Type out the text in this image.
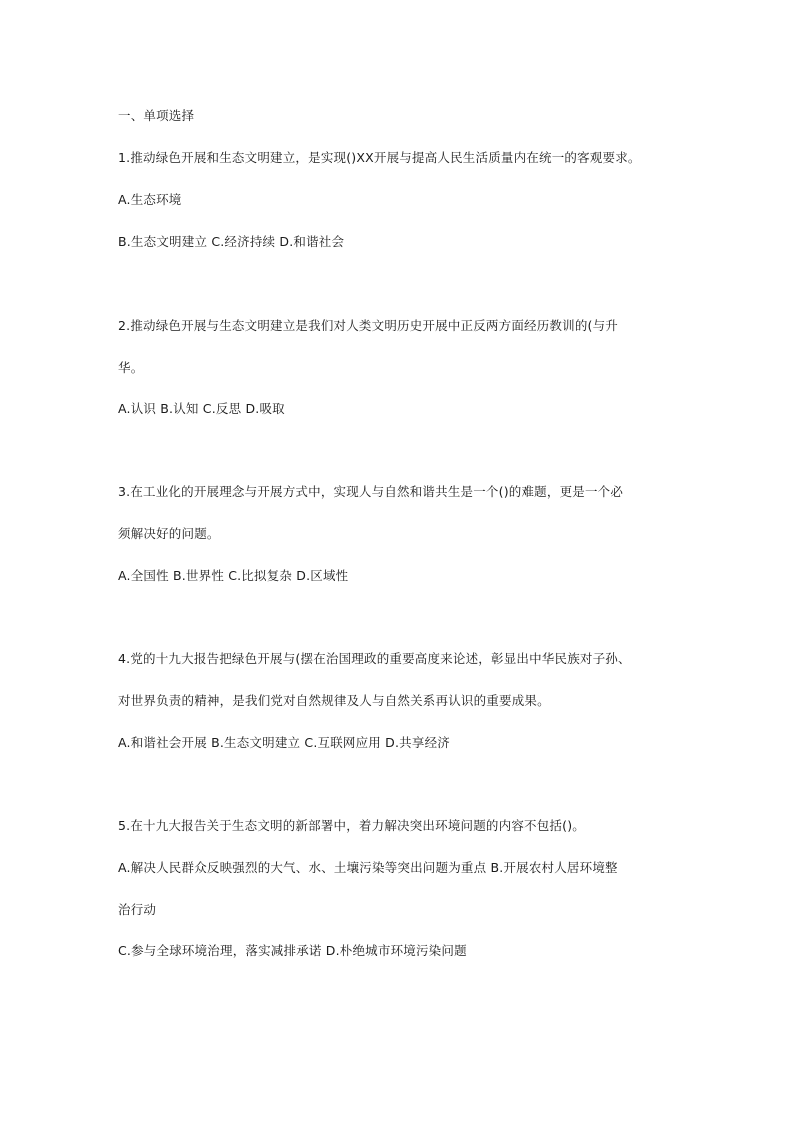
一、单项选择
1.推动绿色开展和生态文明建立，是实现()XX开展与提高人民生活质量内在统一的客观要求。
A.生态环境
B.生态文明建立 C.经济持续 D.和谐社会
2.推动绿色开展与生态文明建立是我们对人类文明历史开展中正反两方面经历教训的(与升
华。
A.认识 B.认知 C.反思 D.吸取
3.在工业化的开展理念与开展方式中，实现人与自然和谐共生是一个()的难题，更是一个必
须解决好的问题。
A.全国性 B.世界性 C.比拟复杂 D.区域性
4.党的十九大报告把绿色开展与(摆在治国理政的重要高度来论述，彰显出中华民族对子孙、
对世界负责的精神，是我们党对自然规律及人与自然关系再认识的重要成果。
A.和谐社会开展 B.生态文明建立 C.互联网应用 D.共享经济
5.在十九大报告关于生态文明的新部署中，着力解决突出环境问题的内容不包括()。
A.解决人民群众反映强烈的大气、水、土壤污染等突出问题为重点 B.开展农村人居环境整
治行动
C.参与全球环境治理，落实减排承诺 D.朴绝城市环境污染问题
